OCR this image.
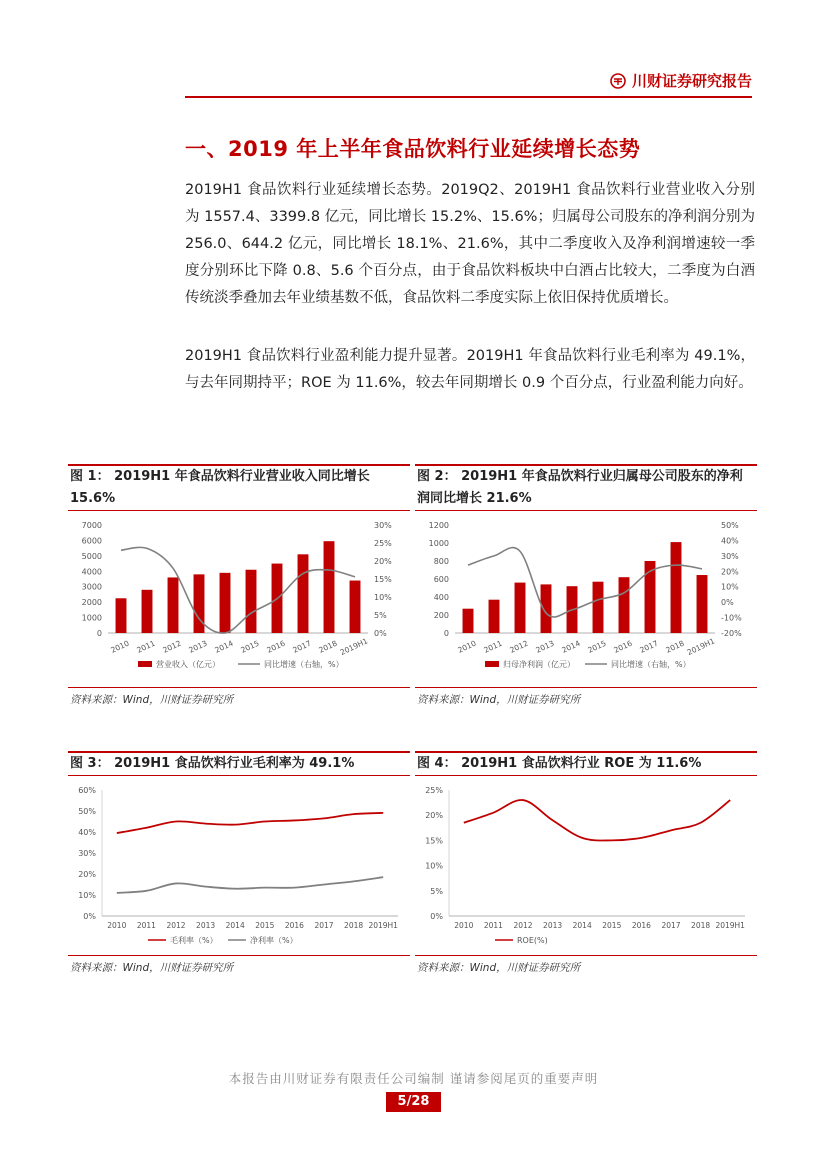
川财证券研究报告
一、2019 年上半年食品饮料行业延续增长态势
2019H1 食品饮料行业延续增长态势。2019Q2、2019H1 食品饮料行业营业收入分别为 1557.4、3399.8 亿元，同比增长 15.2%、15.6%；归属母公司股东的净利润分别为 256.0、644.2 亿元，同比增长 18.1%、21.6%，其中二季度收入及净利润增速较一季度分别环比下降 0.8、5.6 个百分点，由于食品饮料板块中白酒占比较大，二季度为白酒传统淡季叠加去年业绩基数不低，食品饮料二季度实际上依旧保持优质增长。
2019H1 食品饮料行业盈利能力提升显著。2019H1 年食品饮料行业毛利率为 49.1%，与去年同期持平；ROE 为 11.6%，较去年同期增长 0.9 个百分点，行业盈利能力向好。
图 1： 2019H1 年食品饮料行业营业收入同比增长 15.6%
0
1000
2000
3000
4000
5000
6000
7000
0%
5%
10%
15%
20%
25%
30%
2010 2011 2012 2013 2014 2015 2016 2017 2018 2019H1
营业收入（亿元）	同比增速（右轴，%）
资料来源：Wind，川财证券研究所
图 2： 2019H1 年食品饮料行业归属母公司股东的净利润同比增长 21.6%
0
200
400
600
800
1000
1200
-20%
-10%
0%
10%
20%
30%
40%
50%
2010 2011 2012 2013 2014 2015 2016 2017 2018 2019H1
归母净利润（亿元）	同比增速（右轴，%）
资料来源：Wind，川财证券研究所
图 3： 2019H1 食品饮料行业毛利率为 49.1%
0%
10%
20%
30%
40%
50%
60%
2010 2011 2012 2013 2014 2015 2016 2017 2018 2019H1
毛利率（%）	净利率（%）
资料来源：Wind，川财证券研究所
图 4： 2019H1 食品饮料行业 ROE 为 11.6%
0%
5%
10%
15%
20%
25%
2010 2011 2012 2013 2014 2015 2016 2017 2018 2019H1
ROE(%)
资料来源：Wind，川财证券研究所
本报告由川财证券有限责任公司编制 谨请参阅尾页的重要声明
5/28
